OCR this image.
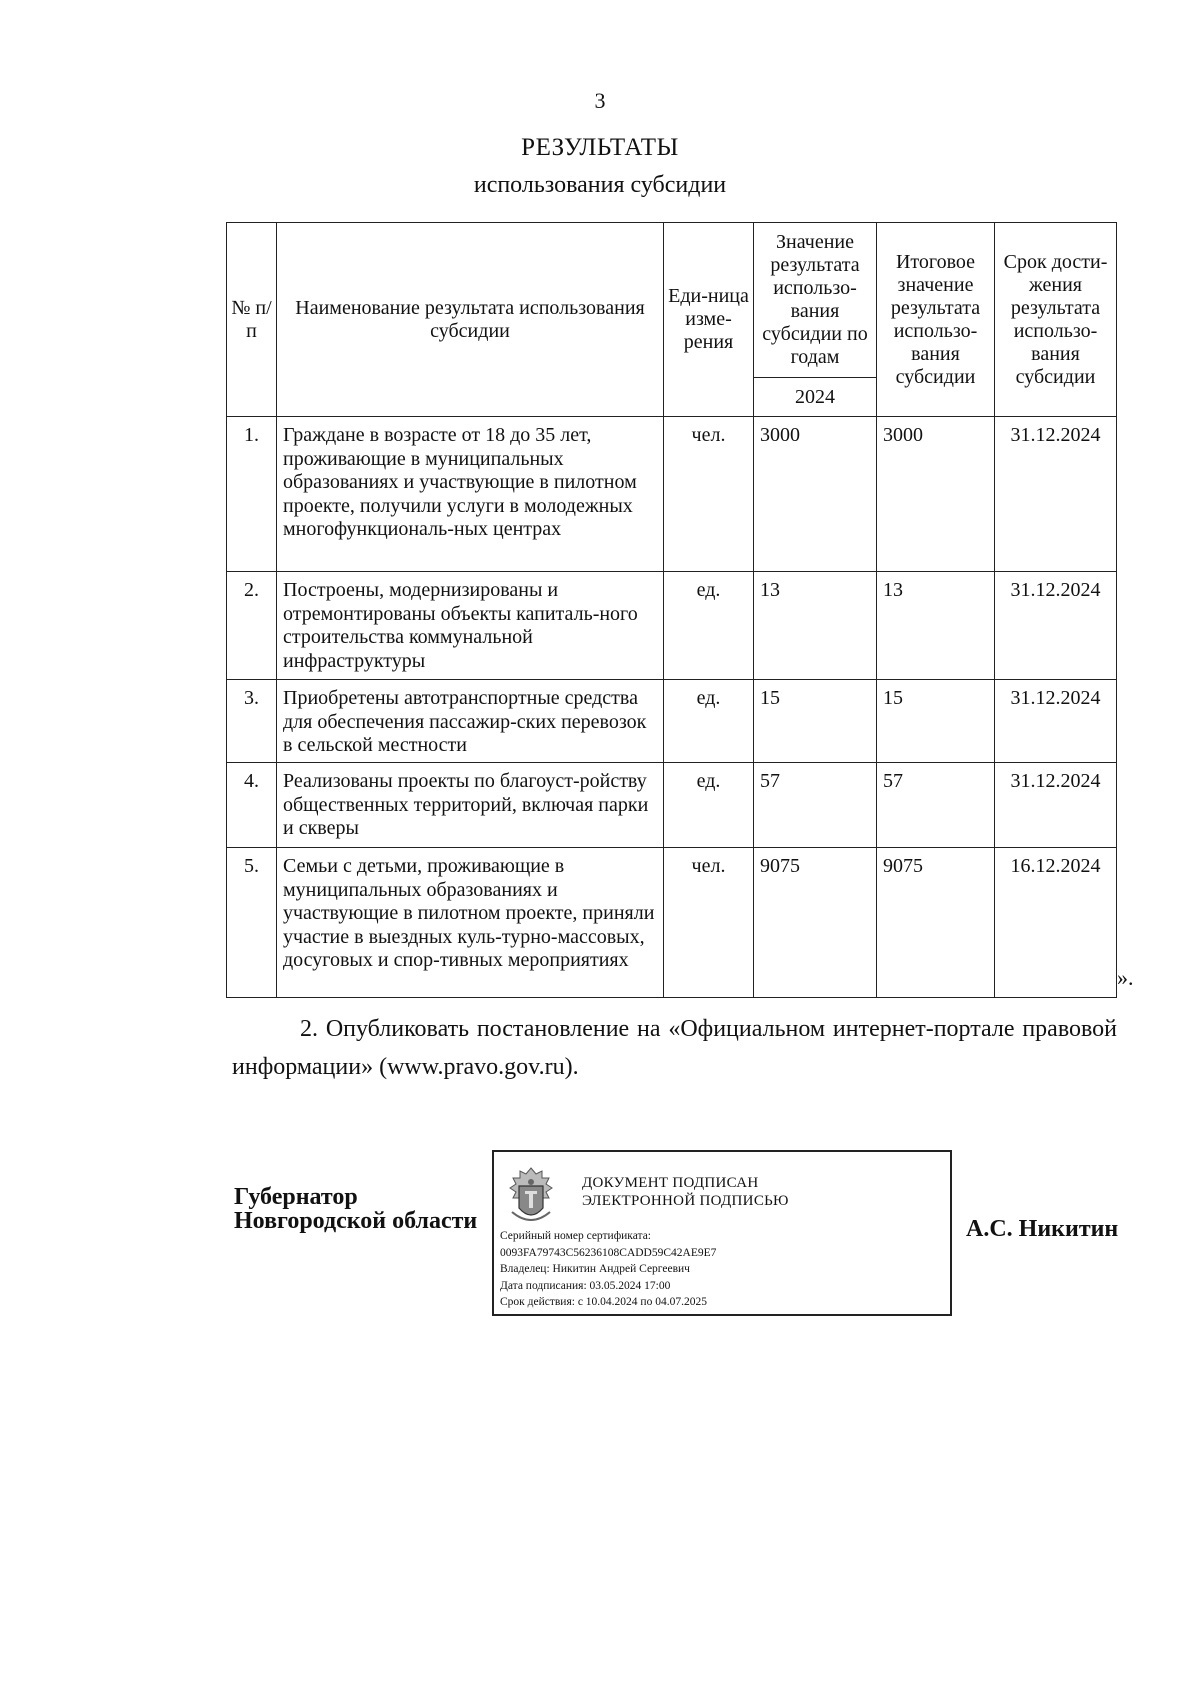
3
РЕЗУЛЬТАТЫ
использования субсидии
№ п/п	Наименование результата использования субсидии	Еди-ница изме-рения	Значение результата использо-вания субсидии по годам	Итоговое значение результата использо-вания субсидии	Срок дости-жения результата использо-вания субсидии
			2024		
1.	Граждане в возрасте от 18 до 35 лет, проживающие в муниципальных образованиях и участвующие в пилотном проекте, получили услуги в молодежных многофункциональ-ных центрах	чел.	3000	3000	31.12.2024
2.	Построены, модернизированы и отремонтированы объекты капиталь-ного строительства коммунальной инфраструктуры	ед.	13	13	31.12.2024
3.	Приобретены автотранспортные средства для обеспечения пассажир-ских перевозок в сельской местности	ед.	15	15	31.12.2024
4.	Реализованы проекты по благоуст-ройству общественных территорий, включая парки и скверы	ед.	57	57	31.12.2024
5.	Семьи с детьми, проживающие в муниципальных образованиях и участвующие в пилотном проекте, приняли участие в выездных куль-турно-массовых, досуговых и спор-тивных мероприятиях	чел.	9075	9075	16.12.2024
».
2. Опубликовать постановление на «Официальном интернет-портале правовой информации» (www.pravo.gov.ru).
Губернатор
Новгородской области
ДОКУМЕНТ ПОДПИСАН
ЭЛЕКТРОННОЙ ПОДПИСЬЮ
Серийный номер сертификата:
0093FA79743C56236108CADD59C42AE9E7
Владелец: Никитин Андрей Сергеевич
Дата подписания: 03.05.2024 17:00
Срок действия: с 10.04.2024 по 04.07.2025
А.С. Никитин
